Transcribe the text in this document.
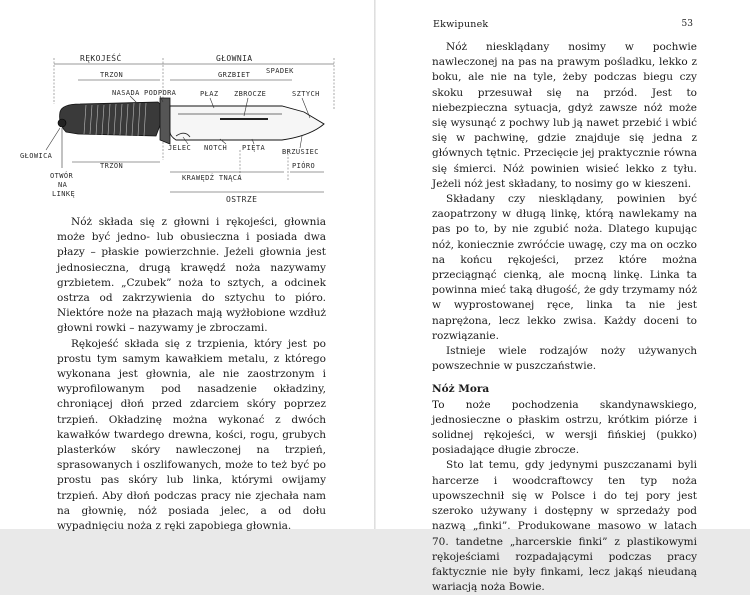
RĘKOJEŚĆ	GŁOWNIA
TRZON	GRZBIET SPADEK
NASADA PODPORA	PŁAZ ZBROCZE	SZTYCH
GŁOWICA
TRZON
JELEC NOTCH PIĘTA BRZUSIEC
OTWÓR
NA
LINKĘ
KRAWĘDŹ TNĄCA
PIÓRO
OSTRZE

Nóż składa się z głowni i rękojeści, głownia może być jedno- lub obusieczna i posiada dwa płazy – płaskie powierzchnie. Jeżeli głownia jest jednosieczna, drugą krawędź noża nazywamy grzbietem. „Czubek” noża to sztych, a odcinek ostrza od zakrzywienia do sztychu to pióro. Niektóre noże na płazach mają wyżłobione wzdłuż głowni rowki – nazywamy je zbroczami.

Rękojeść składa się z trzpienia, który jest po prostu tym samym kawałkiem metalu, z którego wykonana jest głownia, ale nie zaostrzonym i wyprofilowanym pod nasadzenie okładziny, chroniącej dłoń przed zdarciem skóry poprzez trzpień. Okładzinę można wykonać z dwóch kawałków twardego drewna, kości, rogu, grubych plasterków skóry nawleczonej na trzpień, sprasowanych i oszlifowanych, może to też być po prostu pas skóry lub linka, którymi owijamy trzpień. Aby dłoń podczas pracy nie zjechała nam na głownię, nóż posiada jelec, a od dołu wypadnięciu noża z ręki zapobiega głownia.

Ekwipunek	53

Nóż niesklądany nosimy w pochwie nawleczonej na pas na prawym pośladku, lekko z boku, ale nie na tyle, żeby podczas biegu czy skoku przesuwał się na przód. Jest to niebezpieczna sytuacja, gdyż zawsze nóż może się wysunąć z pochwy lub ją nawet przebić i wbić się w pachwinę, gdzie znajduje się jedna z głównych tętnic. Przecięcie jej praktycznie równa się śmierci. Nóż powinien wisieć lekko z tyłu. Jeżeli nóż jest składany, to nosimy go w kieszeni.

Składany czy niesklądany, powinien być zaopatrzony w długą linkę, którą nawlekamy na pas po to, by nie zgubić noża. Dlatego kupując nóż, koniecznie zwróćcie uwagę, czy ma on oczko na końcu rękojeści, przez które można przeciągnąć cienką, ale mocną linkę. Linka ta powinna mieć taką długość, że gdy trzymamy nóż w wyprostowanej ręce, linka ta nie jest naprężona, lecz lekko zwisa. Każdy doceni to rozwiązanie.

Istnieje wiele rodzajów noży używanych powszechnie w puszczaństwie.

Nóż Mora

To noże pochodzenia skandynawskiego, jednosieczne o płaskim ostrzu, krótkim piórze i solidnej rękojeści, w wersji fińskiej (pukko) posiadające długie zbrocze.

Sto lat temu, gdy jedynymi puszczanami byli harcerze i woodcraftowcy ten typ noża upowszechnił się w Polsce i do tej pory jest szeroko używany i dostępny w sprzedaży pod nazwą „finki”. Produkowane masowo w latach 70. tandetne „harcerskie finki” z plastikowymi rękojeściami rozpadającymi podczas pracy faktycznie nie były finkami, lecz jakąś nieudaną wariacją noża Bowie.
